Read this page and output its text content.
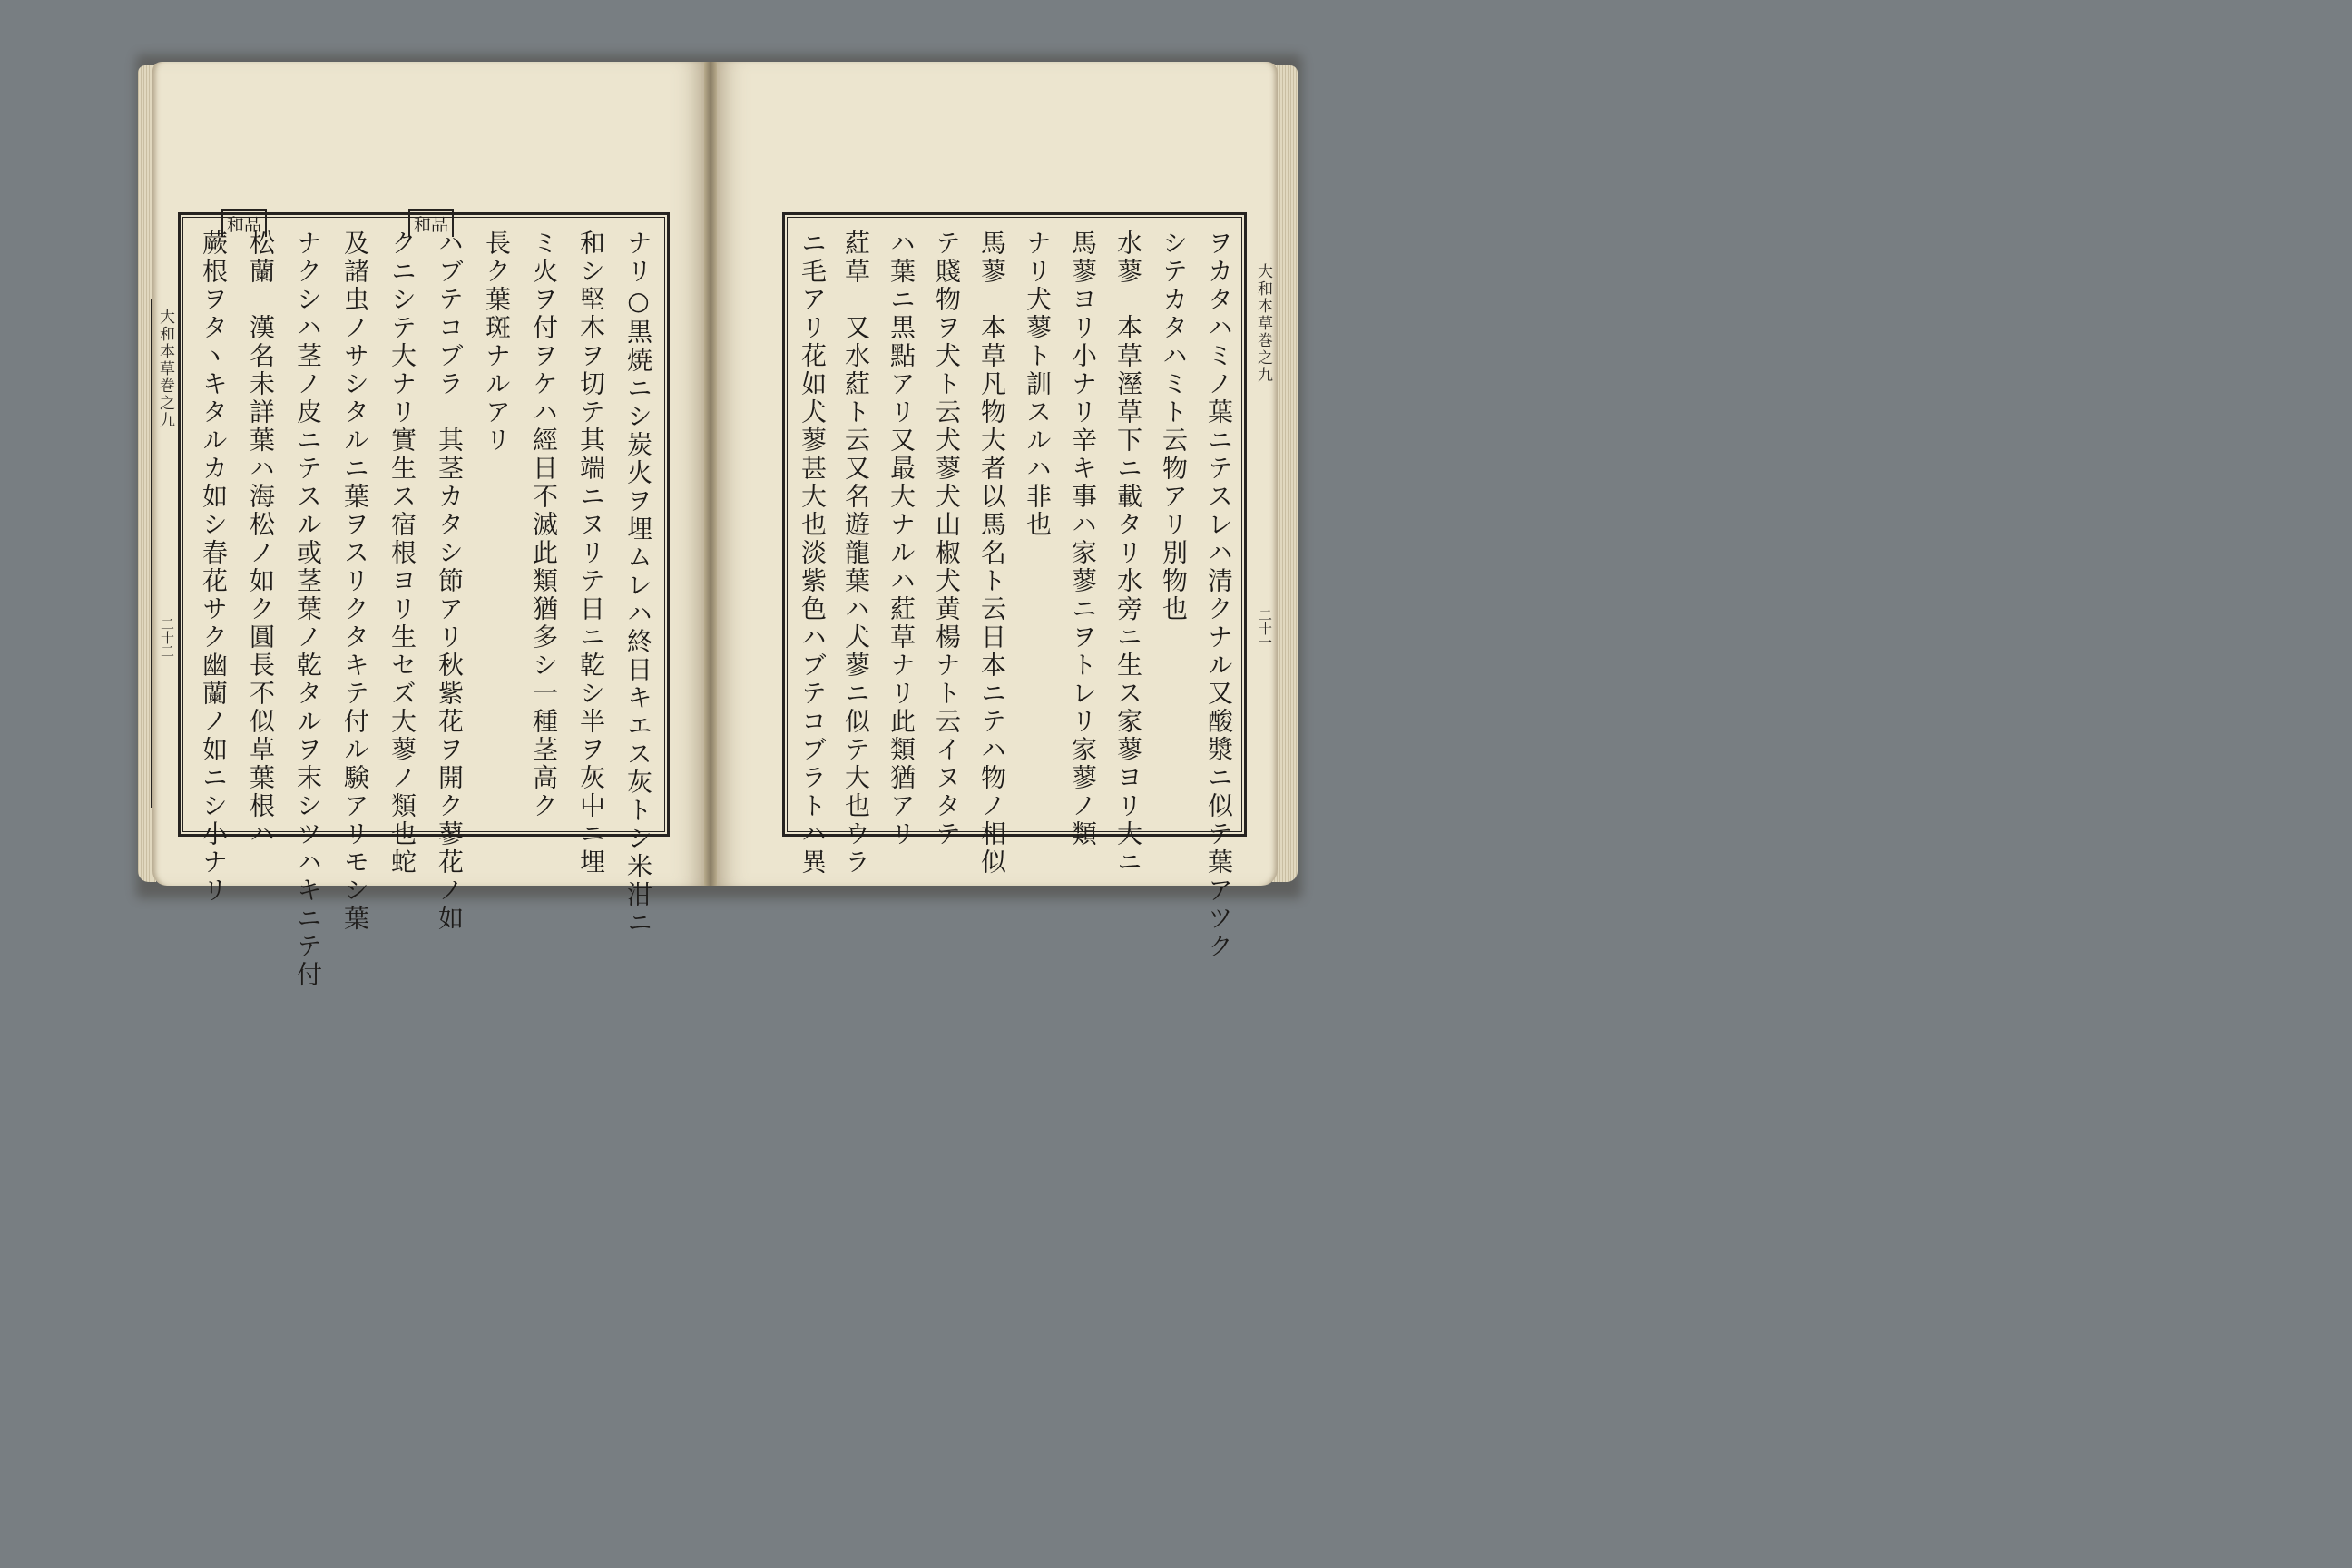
和品	和品
大和本草巻之九
二十二	ナリ○黒焼ニシ炭火ヲ埋ムレハ終日キエス灰トシ米泔ニ
和シ堅木ヲ切テ其端ニヌリテ日ニ乾シ半ヲ灰中ニ埋
ミ火ヲ付ヲケハ經日不滅此類猶多シ一種茎高ク
長ク葉斑ナルアリ
ハブテコブラ　其茎カタシ節アリ秋紫花ヲ開ク蓼花ノ如
クニシテ大ナリ實生ス宿根ヨリ生セズ大蓼ノ類也蛇
及諸虫ノサシタルニ葉ヲスリクタキテ付ル験アリモシ葉
ナクシハ茎ノ皮ニテスル或茎葉ノ乾タルヲ末シツハキニテ付
松蘭　漢名未詳葉ハ海松ノ如ク圓長不似草葉根ハ
蕨根ヲタヽキタルカ如シ春花サク幽蘭ノ如ニシ小ナリ	ヲカタハミノ葉ニテスレハ清クナル又酸漿ニ似テ葉アツク
シテカタハミト云物アリ別物也
水蓼　本草溼草下ニ載タリ水旁ニ生ス家蓼ヨリ大ニ
馬蓼ヨリ小ナリ辛キ事ハ家蓼ニヲトレリ家蓼ノ類
ナリ犬蓼ト訓スルハ非也
馬蓼　本草凡物大者以馬名ト云日本ニテハ物ノ相似
テ賤物ヲ犬ト云犬蓼犬山椒犬黄楊ナト云イヌタテ
ハ葉ニ黒點アリ又最大ナルハ葒草ナリ此類猶アリ
葒草　又水葒ト云又名遊龍葉ハ犬蓼ニ似テ大也ウラ
ニ毛アリ花如犬蓼甚大也淡紫色ハブテコブラトハ異	大和本草巻之九
二十一
